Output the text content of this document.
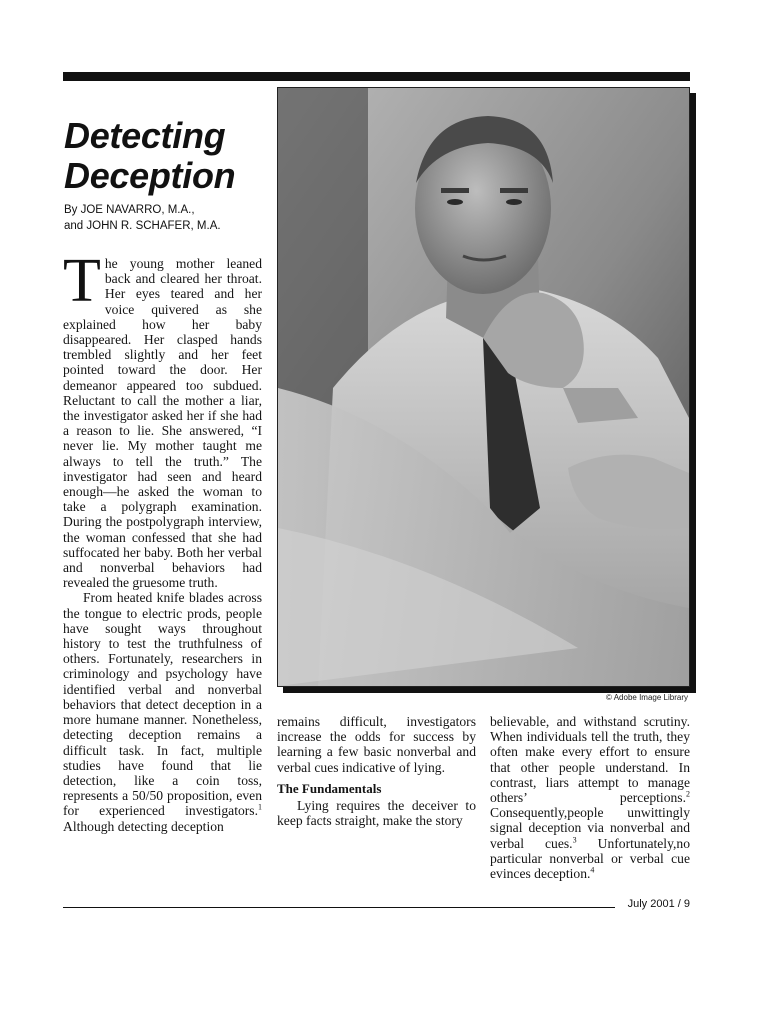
Detecting
Deception
By JOE NAVARRO, M.A.,
and JOHN R. SCHAFER, M.A.
© Adobe Image Library

The young mother leaned back and cleared her throat. Her eyes teared and her voice quivered as she explained how her baby disappeared. Her clasped hands trembled slightly and her feet pointed toward the door. Her demeanor appeared too subdued. Reluctant to call the mother a liar, the investigator asked her if she had a reason to lie. She answered, “I never lie. My mother taught me always to tell the truth.” The investigator had seen and heard enough—he asked the woman to take a polygraph examination. During the postpolygraph interview, the woman confessed that she had suffocated her baby. Both her verbal and nonverbal behaviors had revealed the gruesome truth.

From heated knife blades across the tongue to electric prods, people have sought ways throughout history to test the truthfulness of others. Fortunately, researchers in criminology and psychology have identified verbal and nonverbal behaviors that detect deception in a more humane manner. Nonetheless, detecting deception remains a difficult task. In fact, multiple studies have found that lie detection, like a coin toss, represents a 50/50 proposition, even for experienced investigators.$^1$ Although detecting deception

remains difficult, investigators increase the odds for success by learning a few basic nonverbal and verbal cues indicative of lying.

The Fundamentals

Lying requires the deceiver to keep facts straight, make the story

believable, and withstand scrutiny. When individuals tell the truth, they often make every effort to ensure that other people understand. In contrast, liars attempt to manage others’ perceptions.$^2$ Consequently,people unwittingly signal deception via nonverbal and verbal cues.$^3$ Unfortunately,no particular nonverbal or verbal cue evinces deception.$^4$

July 2001 / 9
